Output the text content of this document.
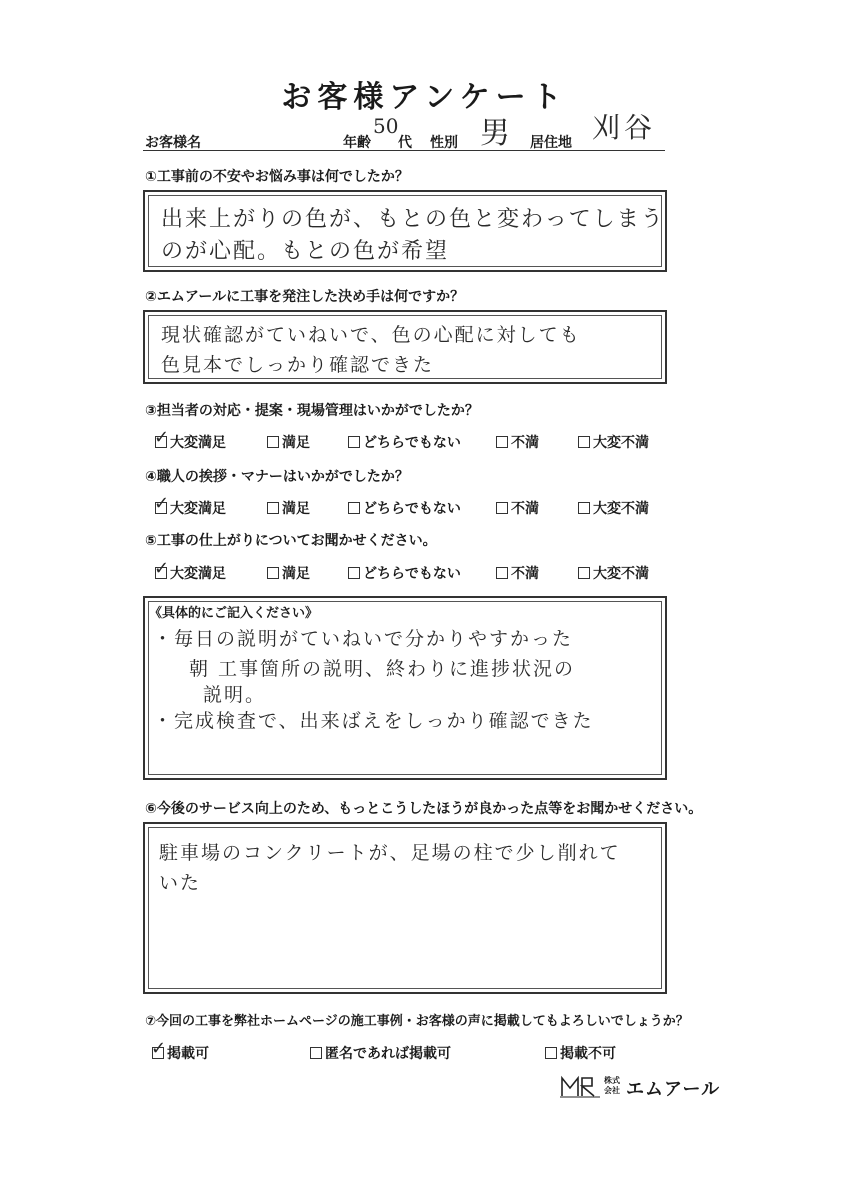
お客様アンケート
お客様名	年齢
50
代 性別 男 居住地 刈谷
①工事前の不安やお悩み事は何でしたか？
出来上がりの色が、もとの色と変わってしまう
のが心配。もとの色が希望
②エムアールに工事を発注した決め手は何ですか？
現状確認がていねいで、色の心配に対しても
色見本でしっかり確認できた
③担当者の対応・提案・現場管理はいかがでしたか？
✓ 大変満足	満足	どちらでもない	不満	大変不満
④職人の挨拶・マナーはいかがでしたか？
✓ 大変満足	満足	どちらでもない	不満	大変不満
⑤工事の仕上がりについてお聞かせください。
✓ 大変満足	満足	どちらでもない	不満	大変不満
《具体的にご記入ください》
・毎日の説明がていねいで分かりやすかった
朝 工事箇所の説明、終わりに進捗状況の
説明。
・完成検査で、出来ばえをしっかり確認できた
⑥今後のサービス向上のため、もっとこうしたほうが良かった点等をお聞かせください。
駐車場のコンクリートが、足場の柱で少し削れて
いた
⑦今回の工事を弊社ホームページの施工事例・お客様の声に掲載してもよろしいでしょうか？
✓ 掲載可	匿名であれば掲載可	掲載不可
株式
会社 エムアール
